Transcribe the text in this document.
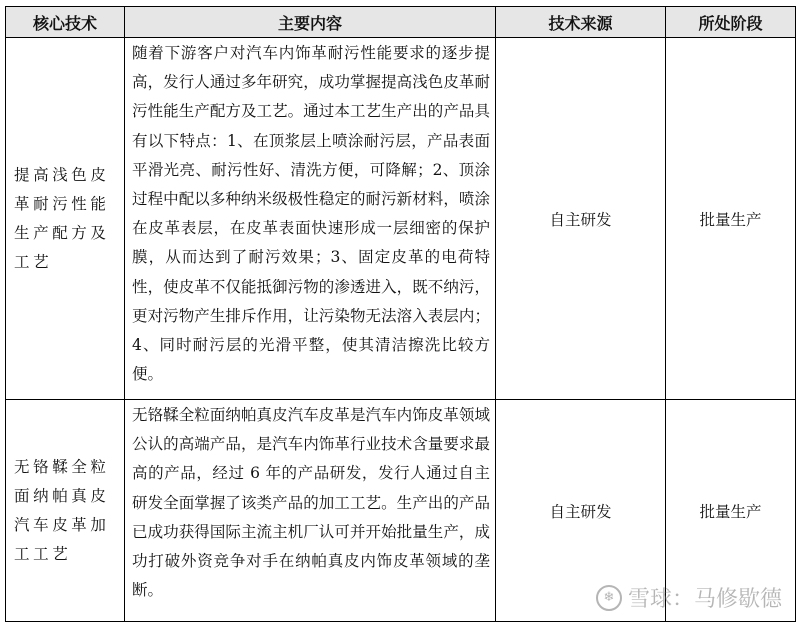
核心技术	主要内容	技术来源	所处阶段
提高浅色皮革耐污性能生产配方及工艺	随着下游客户对汽车内饰革耐污性能要求的逐步提高，发行人通过多年研究，成功掌握提高浅色皮革耐污性能生产配方及工艺。通过本工艺生产出的产品具有以下特点：1、在顶浆层上喷涂耐污层，产品表面平滑光亮、耐污性好、清洗方便，可降解；2、顶涂过程中配以多种纳米级极性稳定的耐污新材料，喷涂在皮革表层，在皮革表面快速形成一层细密的保护膜，从而达到了耐污效果；3、固定皮革的电荷特性，使皮革不仅能抵御污物的渗透进入，既不纳污，更对污物产生排斥作用，让污染物无法溶入表层内；4、同时耐污层的光滑平整，使其清洁擦洗比较方便。	自主研发	批量生产
无铬鞣全粒面纳帕真皮汽车皮革加工工艺	无铬鞣全粒面纳帕真皮汽车皮革是汽车内饰皮革领域公认的高端产品，是汽车内饰革行业技术含量要求最高的产品，经过 6 年的产品研发，发行人通过自主研发全面掌握了该类产品的加工工艺。生产出的产品已成功获得国际主流主机厂认可并开始批量生产，成功打破外资竞争对手在纳帕真皮内饰皮革领域的垄断。	自主研发	批量生产
❄ 雪球：马修歇德
